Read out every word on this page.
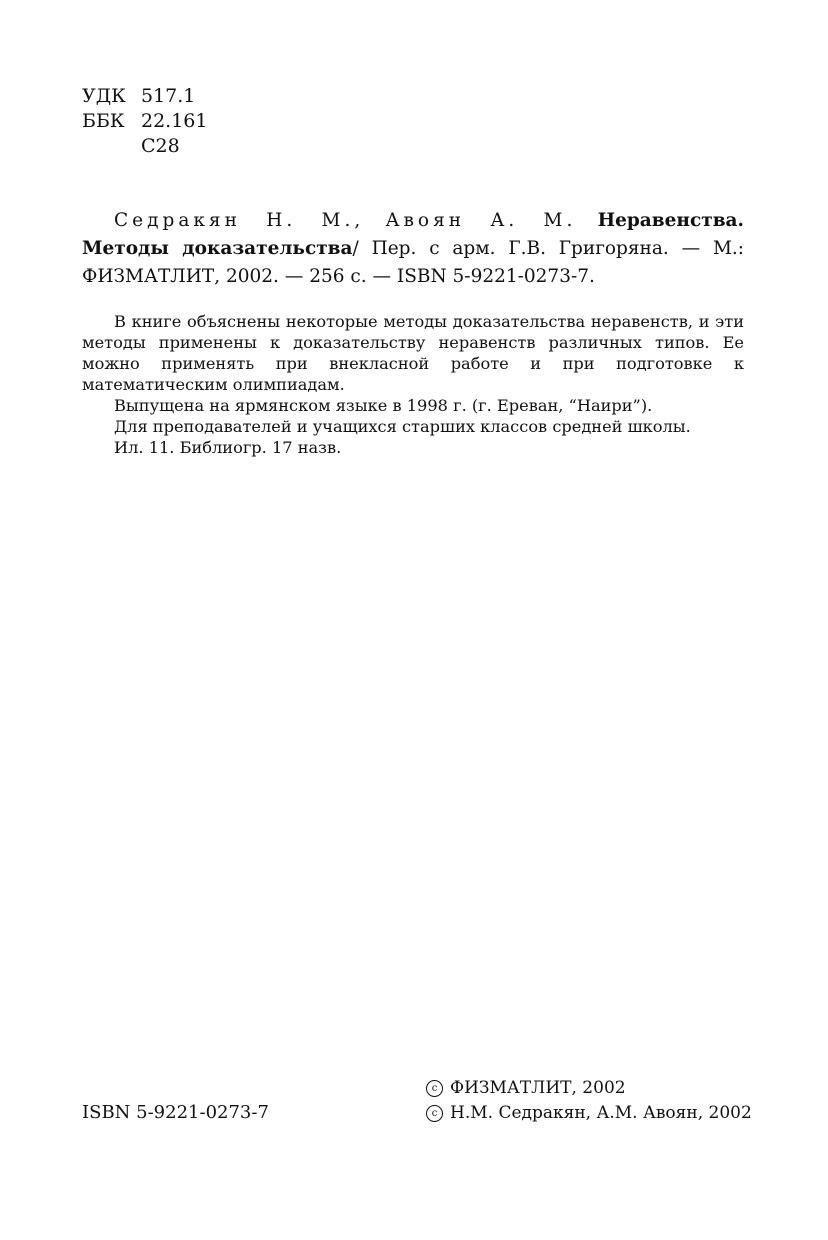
УДК 517.1
ББК 22.161
С28
Седракян Н. М., Авоян А. М. Неравенства. Методы доказательства/ Пер. с арм. Г.В. Григоряна. — М.: ФИЗМАТЛИТ, 2002. — 256 с. — ISBN 5-9221-0273-7.

В книге объяснены некоторые методы доказательства неравенств, и эти методы применены к доказательству неравенств различных типов. Ее можно применять при внекласной работе и при подготовке к математическим олимпиадам.

Выпущена на ярмянском языке в 1998 г. (г. Ереван, “Наири”).

Для преподавателей и учащихся старших классов средней школы.

Ил. 11. Библиогр. 17 назв.

ISBN 5-9221-0273-7
c ФИЗМАТЛИТ, 2002
c Н.М. Седракян, А.М. Авоян, 2002
